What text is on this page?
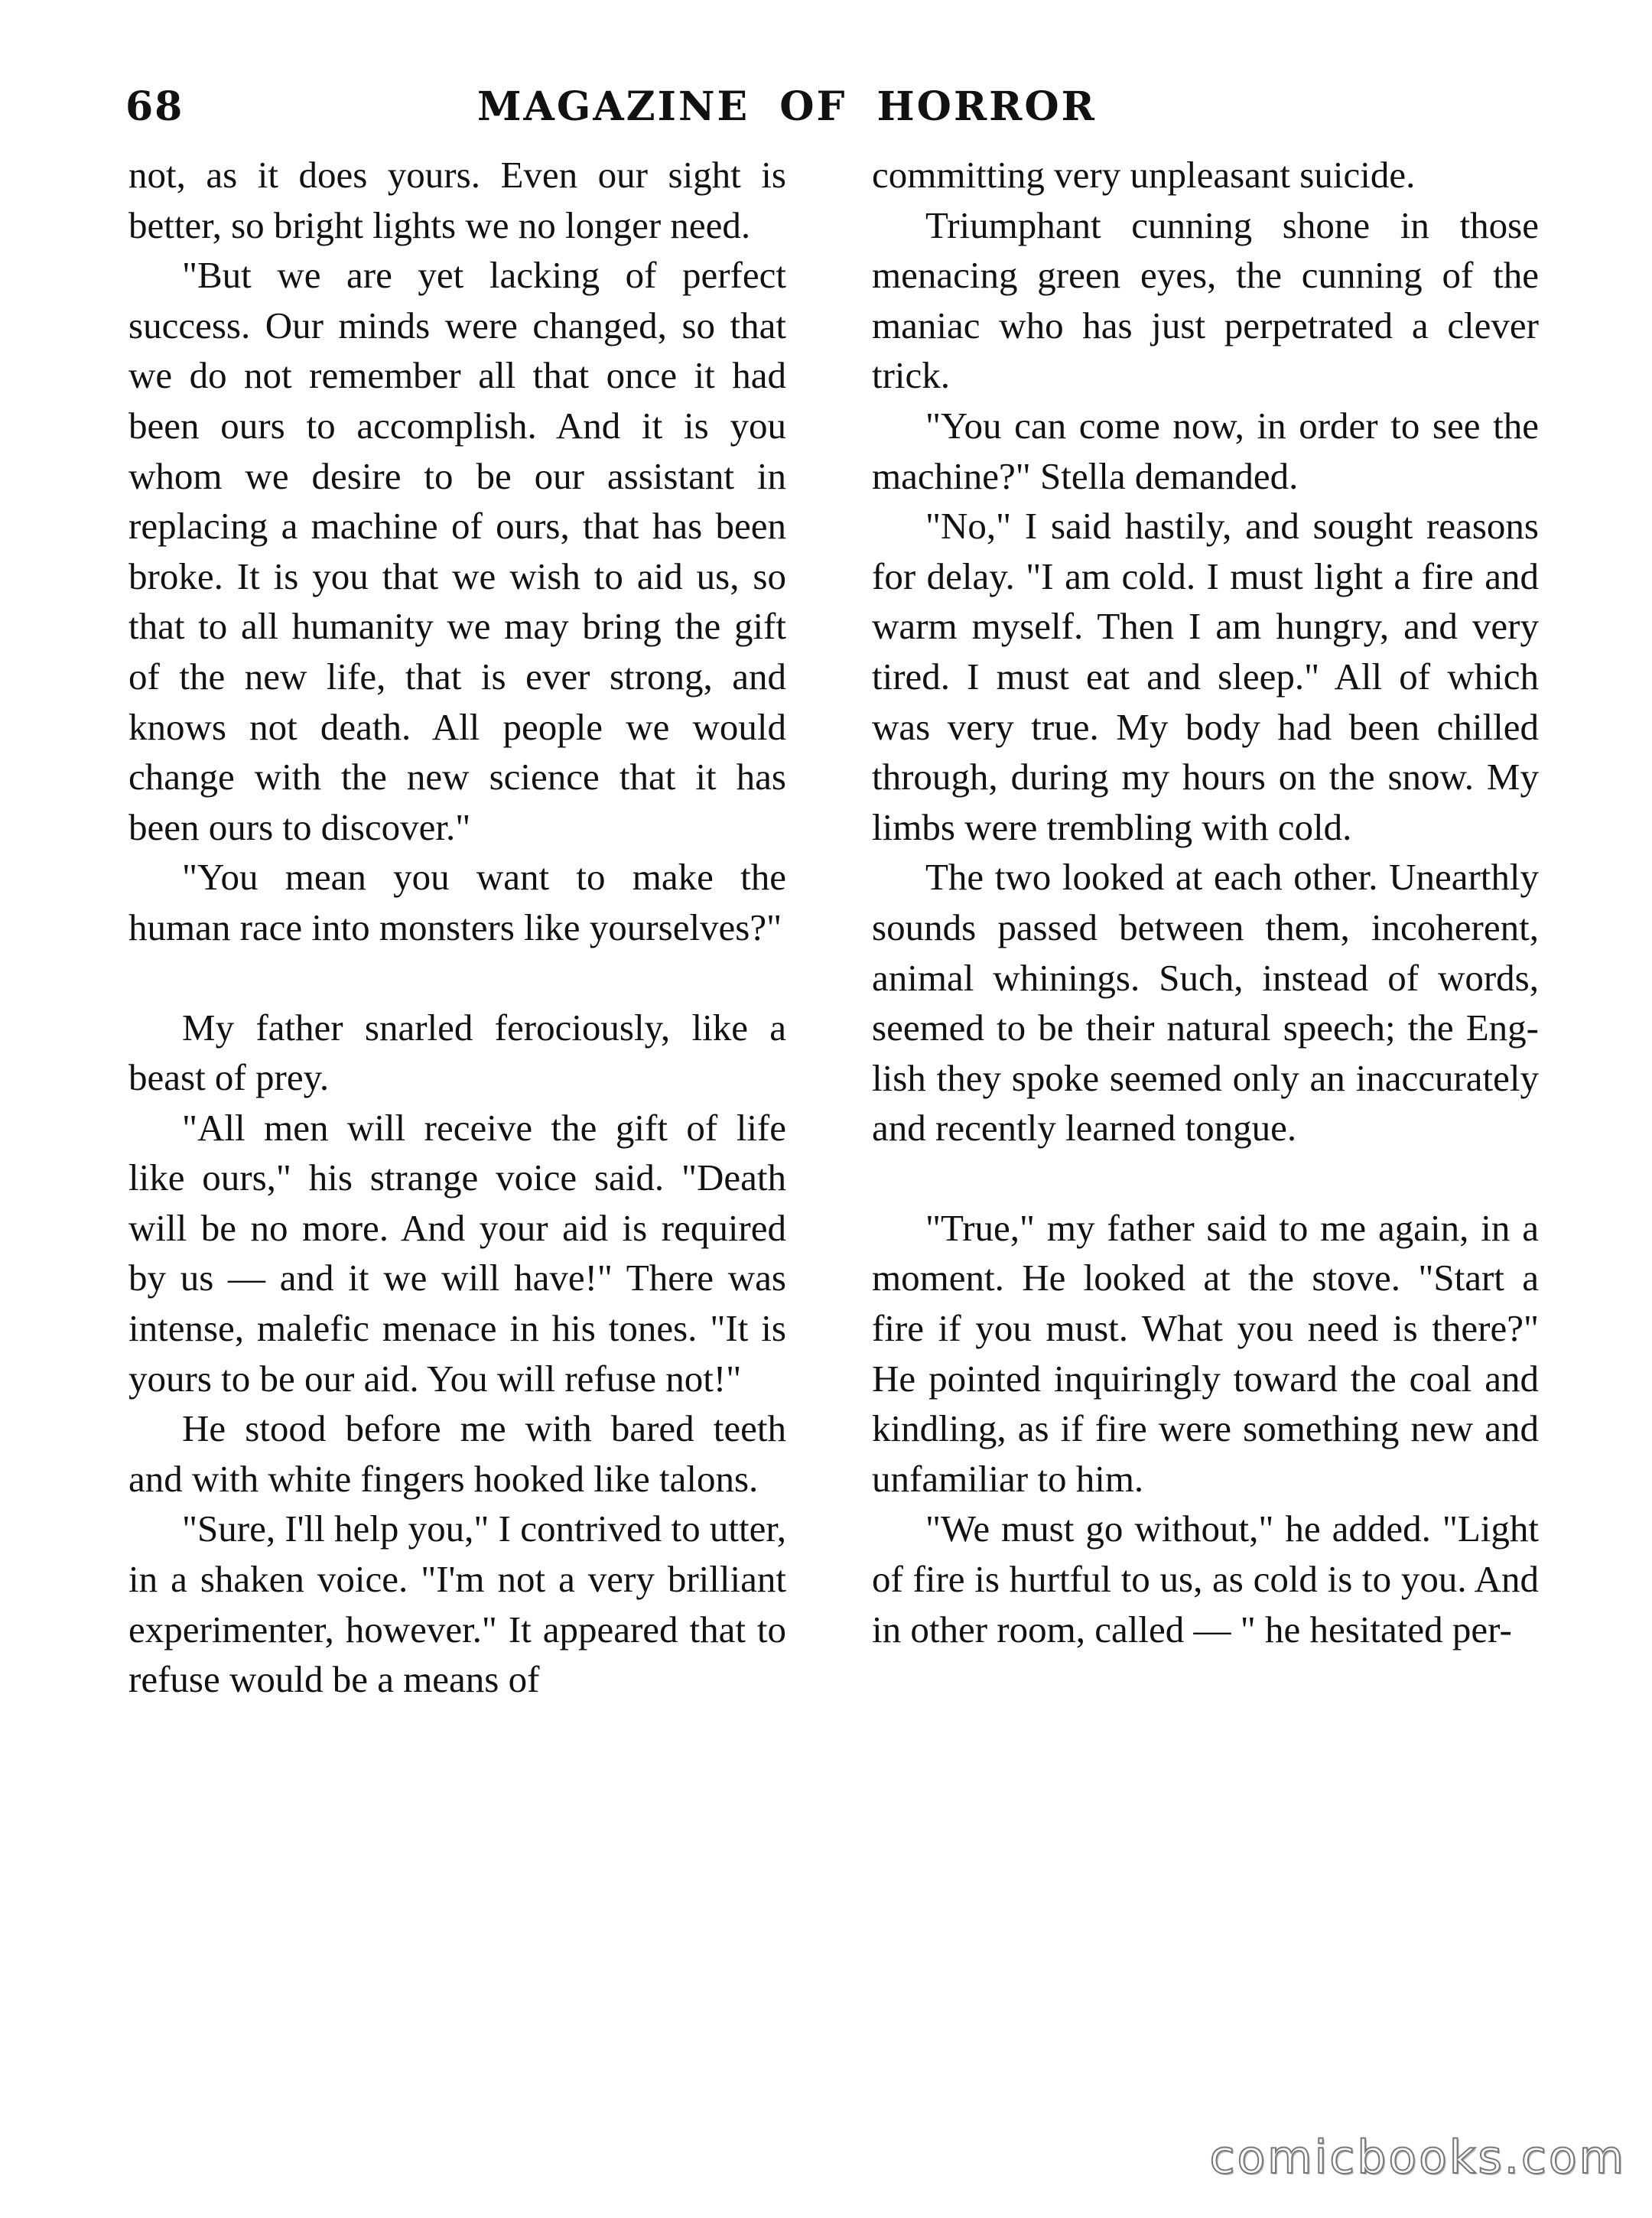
68	MAGAZINE OF HORROR

not, as it does yours. Even our sight is better, so bright lights we no longer need.

"But we are yet lacking of perfect success. Our minds were changed, so that we do not remember all that once it had been ours to accomplish. And it is you whom we desire to be our assistant in replacing a machine of ours, that has been broke. It is you that we wish to aid us, so that to all humanity we may bring the gift of the new life, that is ever strong, and knows not death. All people we would change with the new science that it has been ours to discover."

"You mean you want to make the human race into monsters like yourselves?"

My father snarled ferociously, like a beast of prey.

"All men will receive the gift of life like ours," his strange voice said. "Death will be no more. And your aid is required by us — and it we will have!" There was intense, malefic menace in his tones. "It is yours to be our aid. You will refuse not!"

He stood before me with bared teeth and with white fingers hooked like talons.

"Sure, I'll help you," I contrived to utter, in a shaken voice. "I'm not a very brilliant experimenter, however." It appeared that to refuse would be a means of

committing very unpleasant suicide.

Triumphant cunning shone in those menacing green eyes, the cunning of the maniac who has just perpetrated a clever trick.

"You can come now, in order to see the machine?" Stella demanded.

"No," I said hastily, and sought reasons for delay. "I am cold. I must light a fire and warm myself. Then I am hungry, and very tired. I must eat and sleep." All of which was very true. My body had been chilled through, during my hours on the snow. My limbs were trembling with cold.

The two looked at each other. Unearthly sounds passed between them, incoherent, animal whinings. Such, instead of words, seemed to be their natural speech; the English they spoke seemed only an inaccurately and recently learned tongue.

"True," my father said to me again, in a moment. He looked at the stove. "Start a fire if you must. What you need is there?" He pointed inquiringly toward the coal and kindling, as if fire were something new and unfamiliar to him.

"We must go without," he added. "Light of fire is hurtful to us, as cold is to you. And in other room, called — " he hesitated per-

comicbooks.com
